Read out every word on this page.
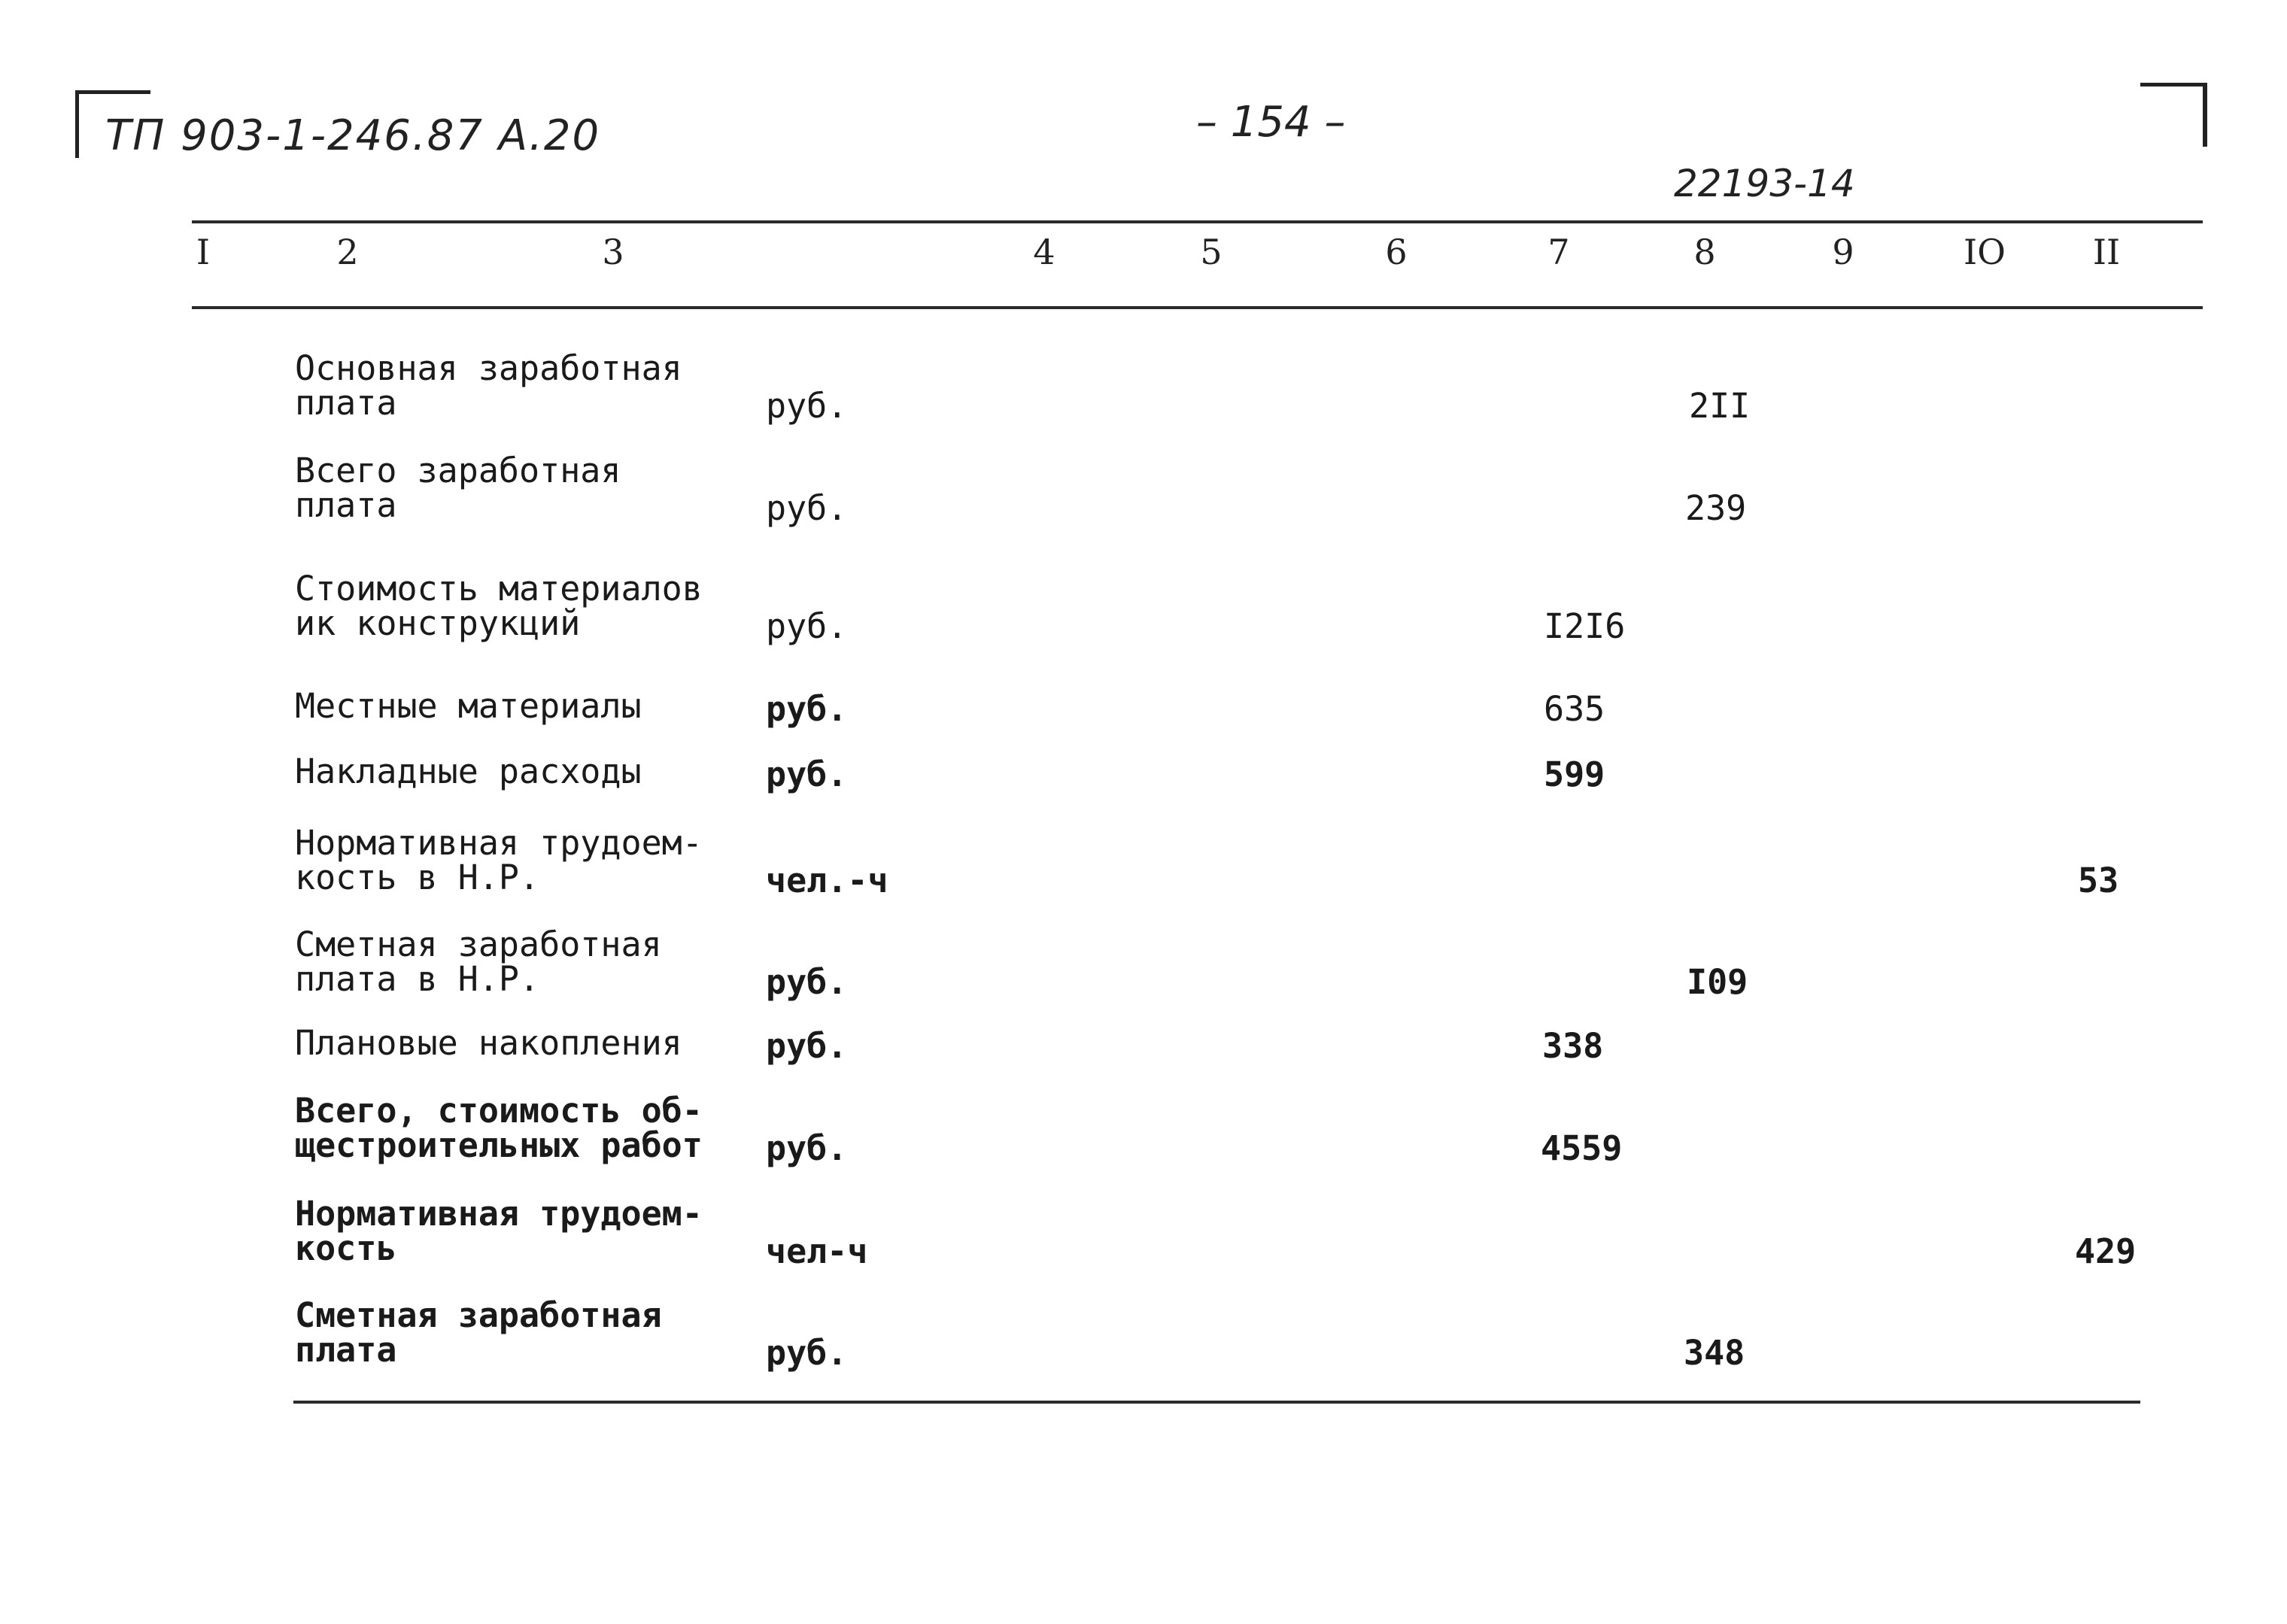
ТП 903-1-246.87 А.20	– 154 –
22193-14
I	2	3	4	5	6	7	8	9	IO	II
Основная заработная
плата	руб.	2II
Всего заработная
плата	руб.	239
Стоимость материалов
ик конструкций	руб.	I2I6
Местные материалы	руб.	635
Накладные расходы	руб.	599
Нормативная трудоем-
кость в Н.Р.	чел.-ч	53
Сметная заработная
плата в Н.Р.	руб.	I09
Плановые накопления руб.	338
Всего, стоимость об-
щестроительных работ руб.	4559
Нормативная трудоем-
кость	чел-ч	429
Сметная заработная
плата	руб.	348
